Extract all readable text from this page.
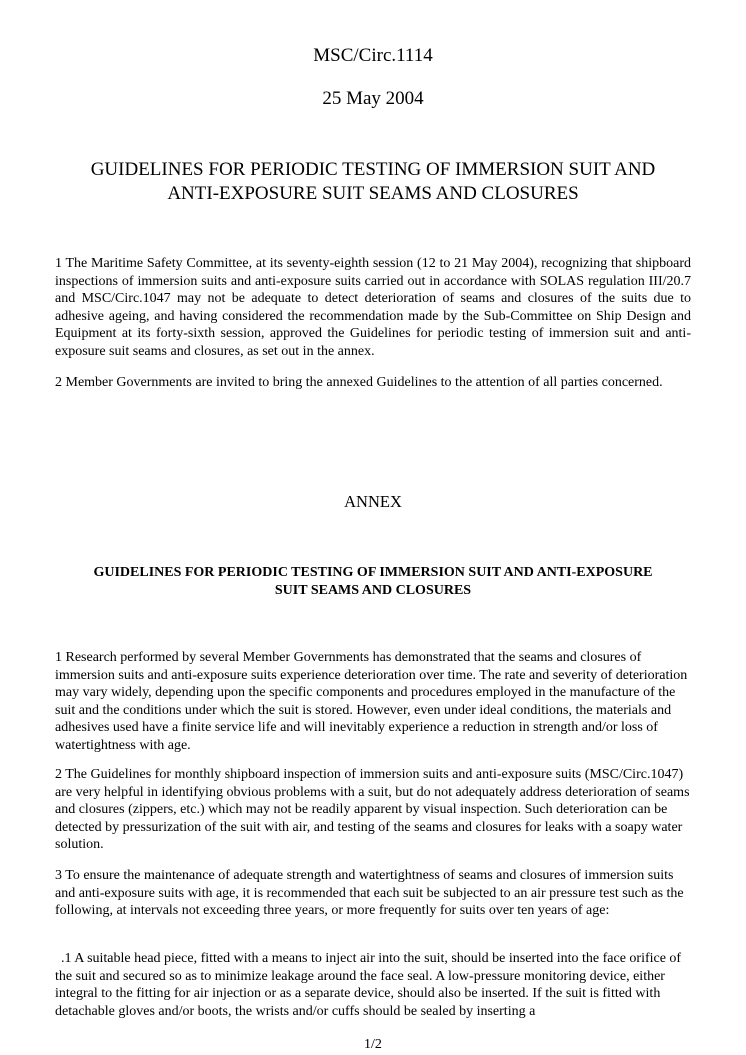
MSC/Circ.1114
25 May 2004
GUIDELINES FOR PERIODIC TESTING OF IMMERSION SUIT AND
ANTI-EXPOSURE SUIT SEAMS AND CLOSURES

1 The Maritime Safety Committee, at its seventy-eighth session (12 to 21 May 2004), recognizing that shipboard inspections of immersion suits and anti-exposure suits carried out in accordance with SOLAS regulation III/20.7 and MSC/Circ.1047 may not be adequate to detect deterioration of seams and closures of the suits due to adhesive ageing, and having considered the recommendation made by the Sub-Committee on Ship Design and Equipment at its forty-sixth session, approved the Guidelines for periodic testing of immersion suit and anti-exposure suit seams and closures, as set out in the annex.

2 Member Governments are invited to bring the annexed Guidelines to the attention of all parties concerned.

ANNEX
GUIDELINES FOR PERIODIC TESTING OF IMMERSION SUIT AND ANTI-EXPOSURE
SUIT SEAMS AND CLOSURES

1 Research performed by several Member Governments has demonstrated that the seams and closures of immersion suits and anti-exposure suits experience deterioration over time. The rate and severity of deterioration may vary widely, depending upon the specific components and procedures employed in the manufacture of the suit and the conditions under which the suit is stored. However, even under ideal conditions, the materials and adhesives used have a finite service life and will inevitably experience a reduction in strength and/or loss of watertightness with age.

2 The Guidelines for monthly shipboard inspection of immersion suits and anti-exposure suits (MSC/Circ.1047) are very helpful in identifying obvious problems with a suit, but do not adequately address deterioration of seams and closures (zippers, etc.) which may not be readily apparent by visual inspection. Such deterioration can be detected by pressurization of the suit with air, and testing of the seams and closures for leaks with a soapy water solution.

3 To ensure the maintenance of adequate strength and watertightness of seams and closures of immersion suits and anti-exposure suits with age, it is recommended that each suit be subjected to an air pressure test such as the following, at intervals not exceeding three years, or more frequently for suits over ten years of age:

.1 A suitable head piece, fitted with a means to inject air into the suit, should be inserted into the face orifice of the suit and secured so as to minimize leakage around the face seal. A low-pressure monitoring device, either integral to the fitting for air injection or as a separate device, should also be inserted. If the suit is fitted with detachable gloves and/or boots, the wrists and/or cuffs should be sealed by inserting a

1/2
